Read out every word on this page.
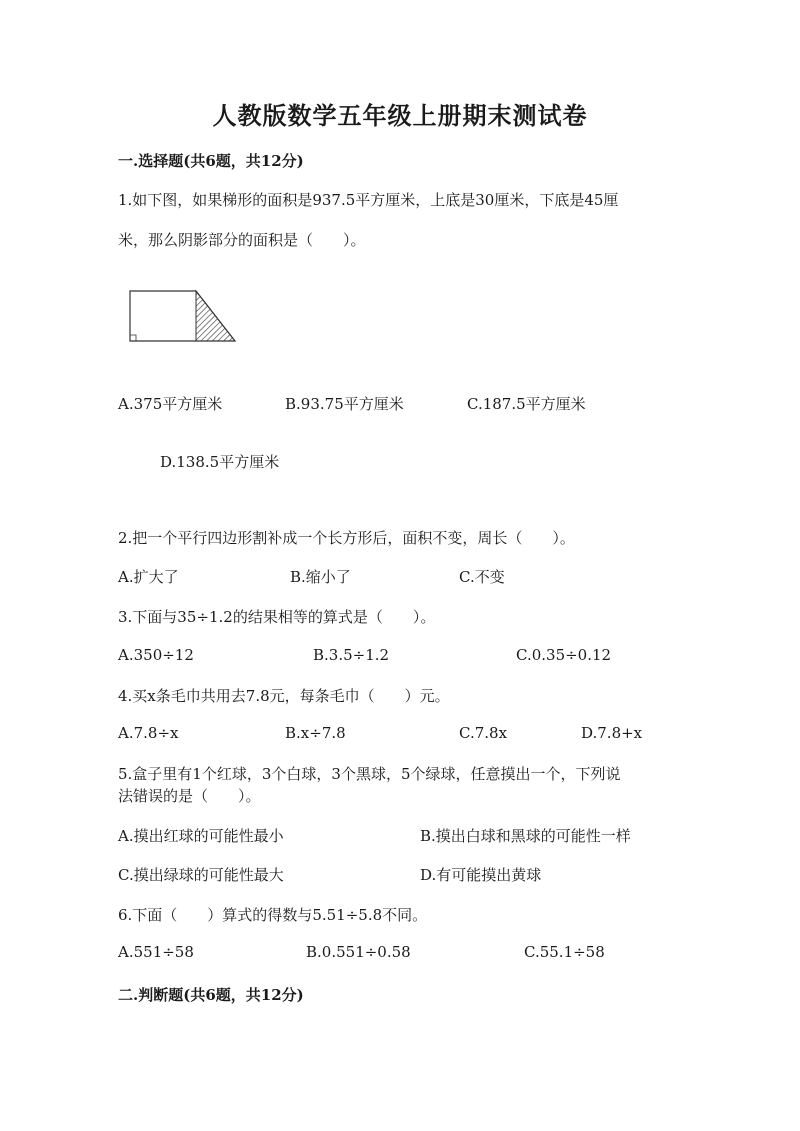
人教版数学五年级上册期末测试卷
一.选择题(共6题，共12分)
1.如下图，如果梯形的面积是937.5平方厘米，上底是30厘米，下底是45厘
米，那么阴影部分的面积是（　　）。
A.375平方厘米	B.93.75平方厘米	C.187.5平方厘米
D.138.5平方厘米
2.把一个平行四边形割补成一个长方形后，面积不变，周长（　　）。
A.扩大了	B.缩小了	C.不变
3.下面与35÷1.2的结果相等的算式是（　　）。
A.350÷12	B.3.5÷1.2	C.0.35÷0.12
4.买x条毛巾共用去7.8元，每条毛巾（　　）元。
A.7.8÷x	B.x÷7.8	C.7.8x	D.7.8+x
5.盒子里有1个红球，3个白球，3个黑球，5个绿球，任意摸出一个，下列说
法错误的是（　　）。
A.摸出红球的可能性最小	B.摸出白球和黑球的可能性一样
C.摸出绿球的可能性最大	D.有可能摸出黄球
6.下面（　　）算式的得数与5.51÷5.8不同。
A.551÷58	B.0.551÷0.58	C.55.1÷58
二.判断题(共6题，共12分)
